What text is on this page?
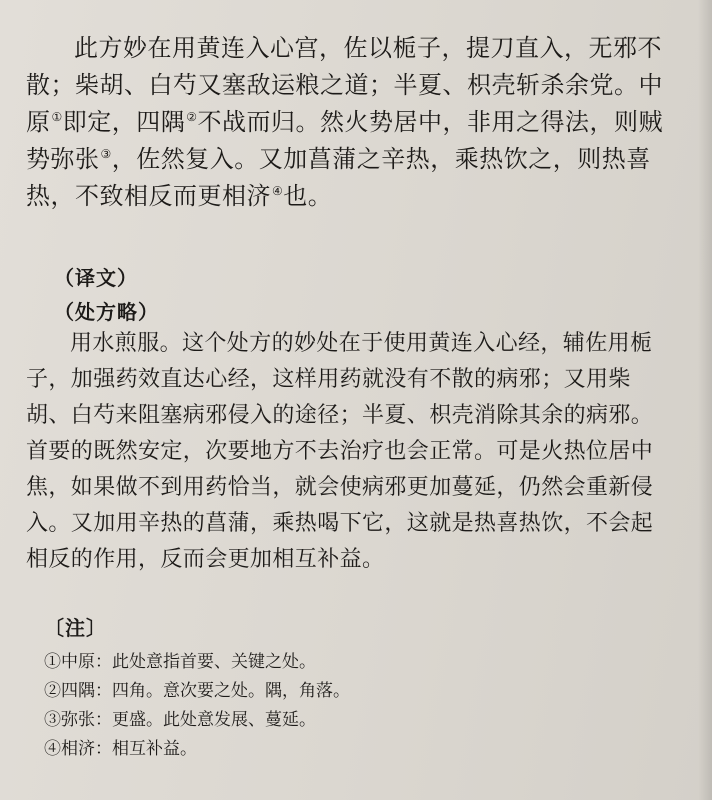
此方妙在用黄连入心宫，佐以栀子，提刀直入，无邪不散；柴胡、白芍又塞敌运粮之道；半夏、枳壳斩杀余党。中原①即定，四隅②不战而归。然火势居中，非用之得法，则贼势弥张③，佐然复入。又加菖蒲之辛热，乘热饮之，则热喜热，不致相反而更相济④也。

（译文）
（处方略）

用水煎服。这个处方的妙处在于使用黄连入心经，辅佐用栀子，加强药效直达心经，这样用药就没有不散的病邪；又用柴胡、白芍来阻塞病邪侵入的途径；半夏、枳壳消除其余的病邪。首要的既然安定，次要地方不去治疗也会正常。可是火热位居中焦，如果做不到用药恰当，就会使病邪更加蔓延，仍然会重新侵入。又加用辛热的菖蒲，乘热喝下它，这就是热喜热饮，不会起相反的作用，反而会更加相互补益。

〔注〕
①中原：此处意指首要、关键之处。
②四隅：四角。意次要之处。隅，角落。
③弥张：更盛。此处意发展、蔓延。
④相济：相互补益。
